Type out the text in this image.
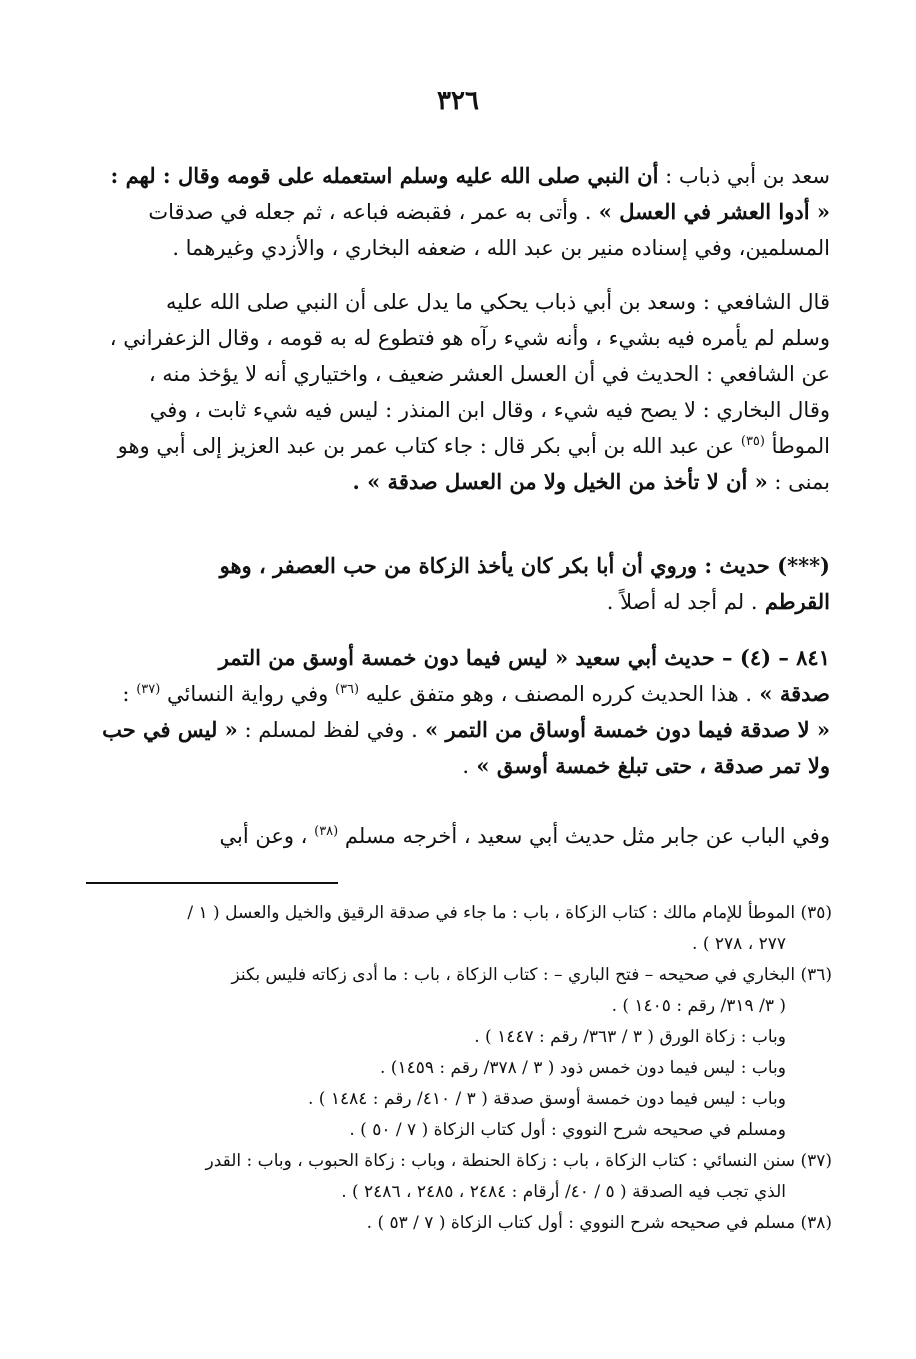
٣٢٦
سعد بن أبي ذباب : أن النبي صلى الله عليه وسلم استعمله على قومه وقال : لهم :
« أدوا العشر في العسل » . وأتى به عمر ، فقبضه فباعه ، ثم جعله في صدقات
المسلمين، وفي إسناده منير بن عبد الله ، ضعفه البخاري ، والأزدي وغيرهما .
قال الشافعي : وسعد بن أبي ذباب يحكي ما يدل على أن النبي صلى الله عليه
وسلم لم يأمره فيه بشيء ، وأنه شيء رآه هو فتطوع له به قومه ، وقال الزعفراني ،
عن الشافعي : الحديث في أن العسل العشر ضعيف ، واختياري أنه لا يؤخذ منه ،
وقال البخاري : لا يصح فيه شيء ، وقال ابن المنذر : ليس فيه شيء ثابت ، وفي
الموطأ $^{(٣٥)}$ عن عبد الله بن أبي بكر قال : جاء كتاب عمر بن عبد العزيز إلى أبي وهو
بمنى : « أن لا تأخذ من الخيل ولا من العسل صدقة » .
(***) حديث : وروي أن أبا بكر كان يأخذ الزكاة من حب العصفر ، وهو
القرطم . لم أجد له أصلاً .
٨٤١ – (٤) – حديث أبي سعيد « ليس فيما دون خمسة أوسق من التمر
صدقة » . هذا الحديث كرره المصنف ، وهو متفق عليه $^{(٣٦)}$ وفي رواية النسائي $^{(٣٧)}$ :
« لا صدقة فيما دون خمسة أوساق من التمر » . وفي لفظ لمسلم : « ليس في حب
ولا تمر صدقة ، حتى تبلغ خمسة أوسق » .
وفي الباب عن جابر مثل حديث أبي سعيد ، أخرجه مسلم $^{(٣٨)}$ ، وعن أبي
(٣٥) الموطأ للإمام مالك : كتاب الزكاة ، باب : ما جاء في صدقة الرقيق والخيل والعسل ( ١ /
٢٧٧ ، ٢٧٨ ) .
(٣٦) البخاري في صحيحه – فتح الباري – : كتاب الزكاة ، باب : ما أدى زكاته فليس بكنز
( ٣/ ٣١٩/ رقم : ١٤٠٥ ) .
وباب : زكاة الورق ( ٣ / ٣٦٣/ رقم : ١٤٤٧ ) .
وباب : ليس فيما دون خمس ذود ( ٣ / ٣٧٨/ رقم : ١٤٥٩) .
وباب : ليس فيما دون خمسة أوسق صدقة ( ٣ / ٤١٠/ رقم : ١٤٨٤ ) .
ومسلم في صحيحه شرح النووي : أول كتاب الزكاة ( ٧ / ٥٠ ) .
(٣٧) سنن النسائي : كتاب الزكاة ، باب : زكاة الحنطة ، وباب : زكاة الحبوب ، وباب : القدر
الذي تجب فيه الصدقة ( ٥ / ٤٠/ أرقام : ٢٤٨٤ ، ٢٤٨٥ ، ٢٤٨٦ ) .
(٣٨) مسلم في صحيحه شرح النووي : أول كتاب الزكاة ( ٧ / ٥٣ ) .
